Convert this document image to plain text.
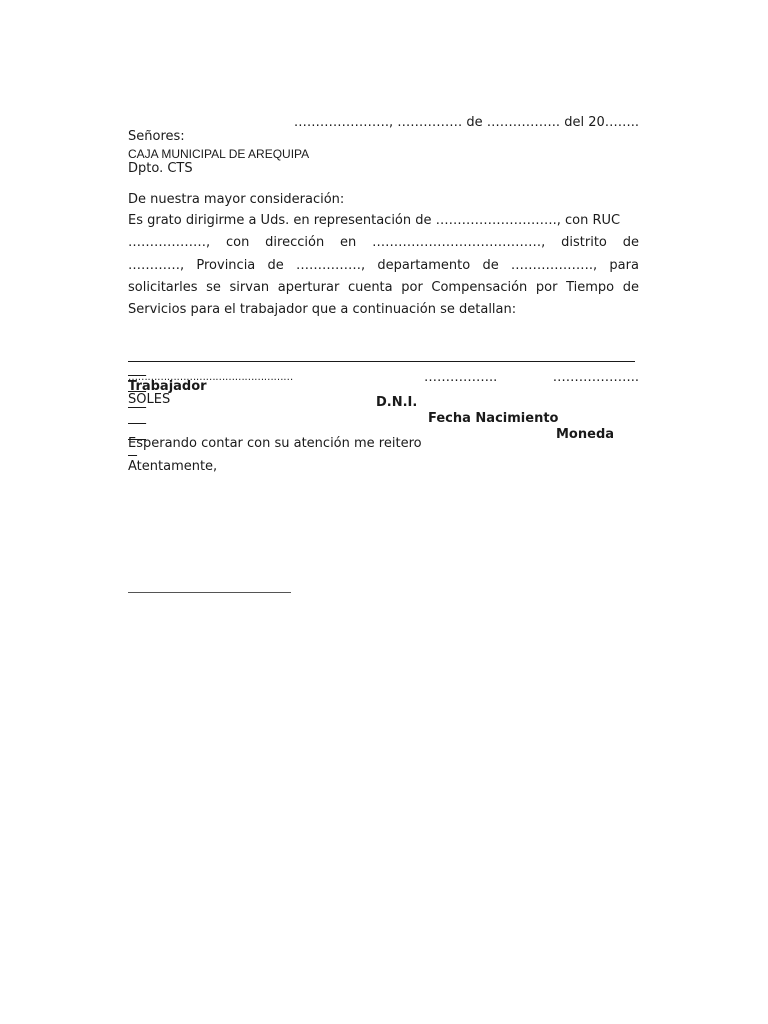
…………………., …………… de …………….. del 20……..
Señores:
CAJA MUNICIPAL DE AREQUIPA
Dpto. CTS
De nuestra mayor consideración:
Es grato dirigirme a Uds. en representación de ………………………., con RUC
………………, con dirección en …………………………………, distrito de
…………, Provincia de ……………, departamento de ………………., para
solicitarles se sirvan aperturar cuenta por Compensación por Tiempo de
Servicios para el trabajador que a continuación se detallan:

Trabajador

D.N.I.

Fecha Nacimiento

Moneda

……………………………………………	……………..	………………..
SOLES
Esperando contar con su atención me reitero
Atentamente,
